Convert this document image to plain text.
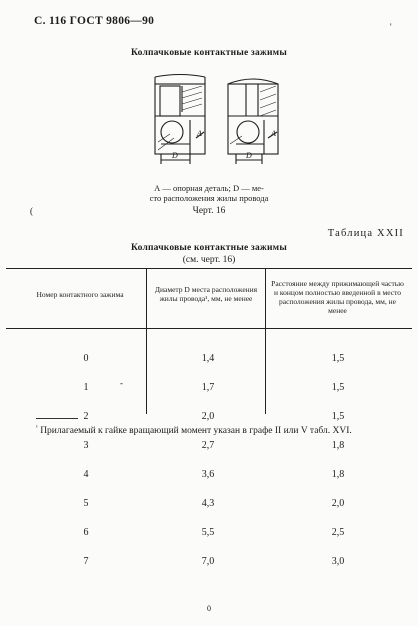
С. 116 ГОСТ 9806—90	'
Колпачковые контактные зажимы
А
D
А
D
А — опорная деталь; D — ме-
сто расположения жилы провода
Черт. 16
(
Таблица XXII
Колпачковые контактные зажимы
(см. черт. 16)
Номер контактного зажима
Диаметр D места расположения жилы провода¹, мм, не менее
Расстояние между прижимающей частью и концом полностью введенной в место расположения жилы провода, мм, не менее

0

1

2

3

4

5

6

7

1,4

1,7

2,0

2,7

3,6

4,3

5,5

7,0

1,5

1,5

1,5

1,8

1,8

2,0

2,5

3,0

-
$^{^1}$ Прилагаемый к гайке вращающий момент указан в графе II или V табл. XVI.
0
